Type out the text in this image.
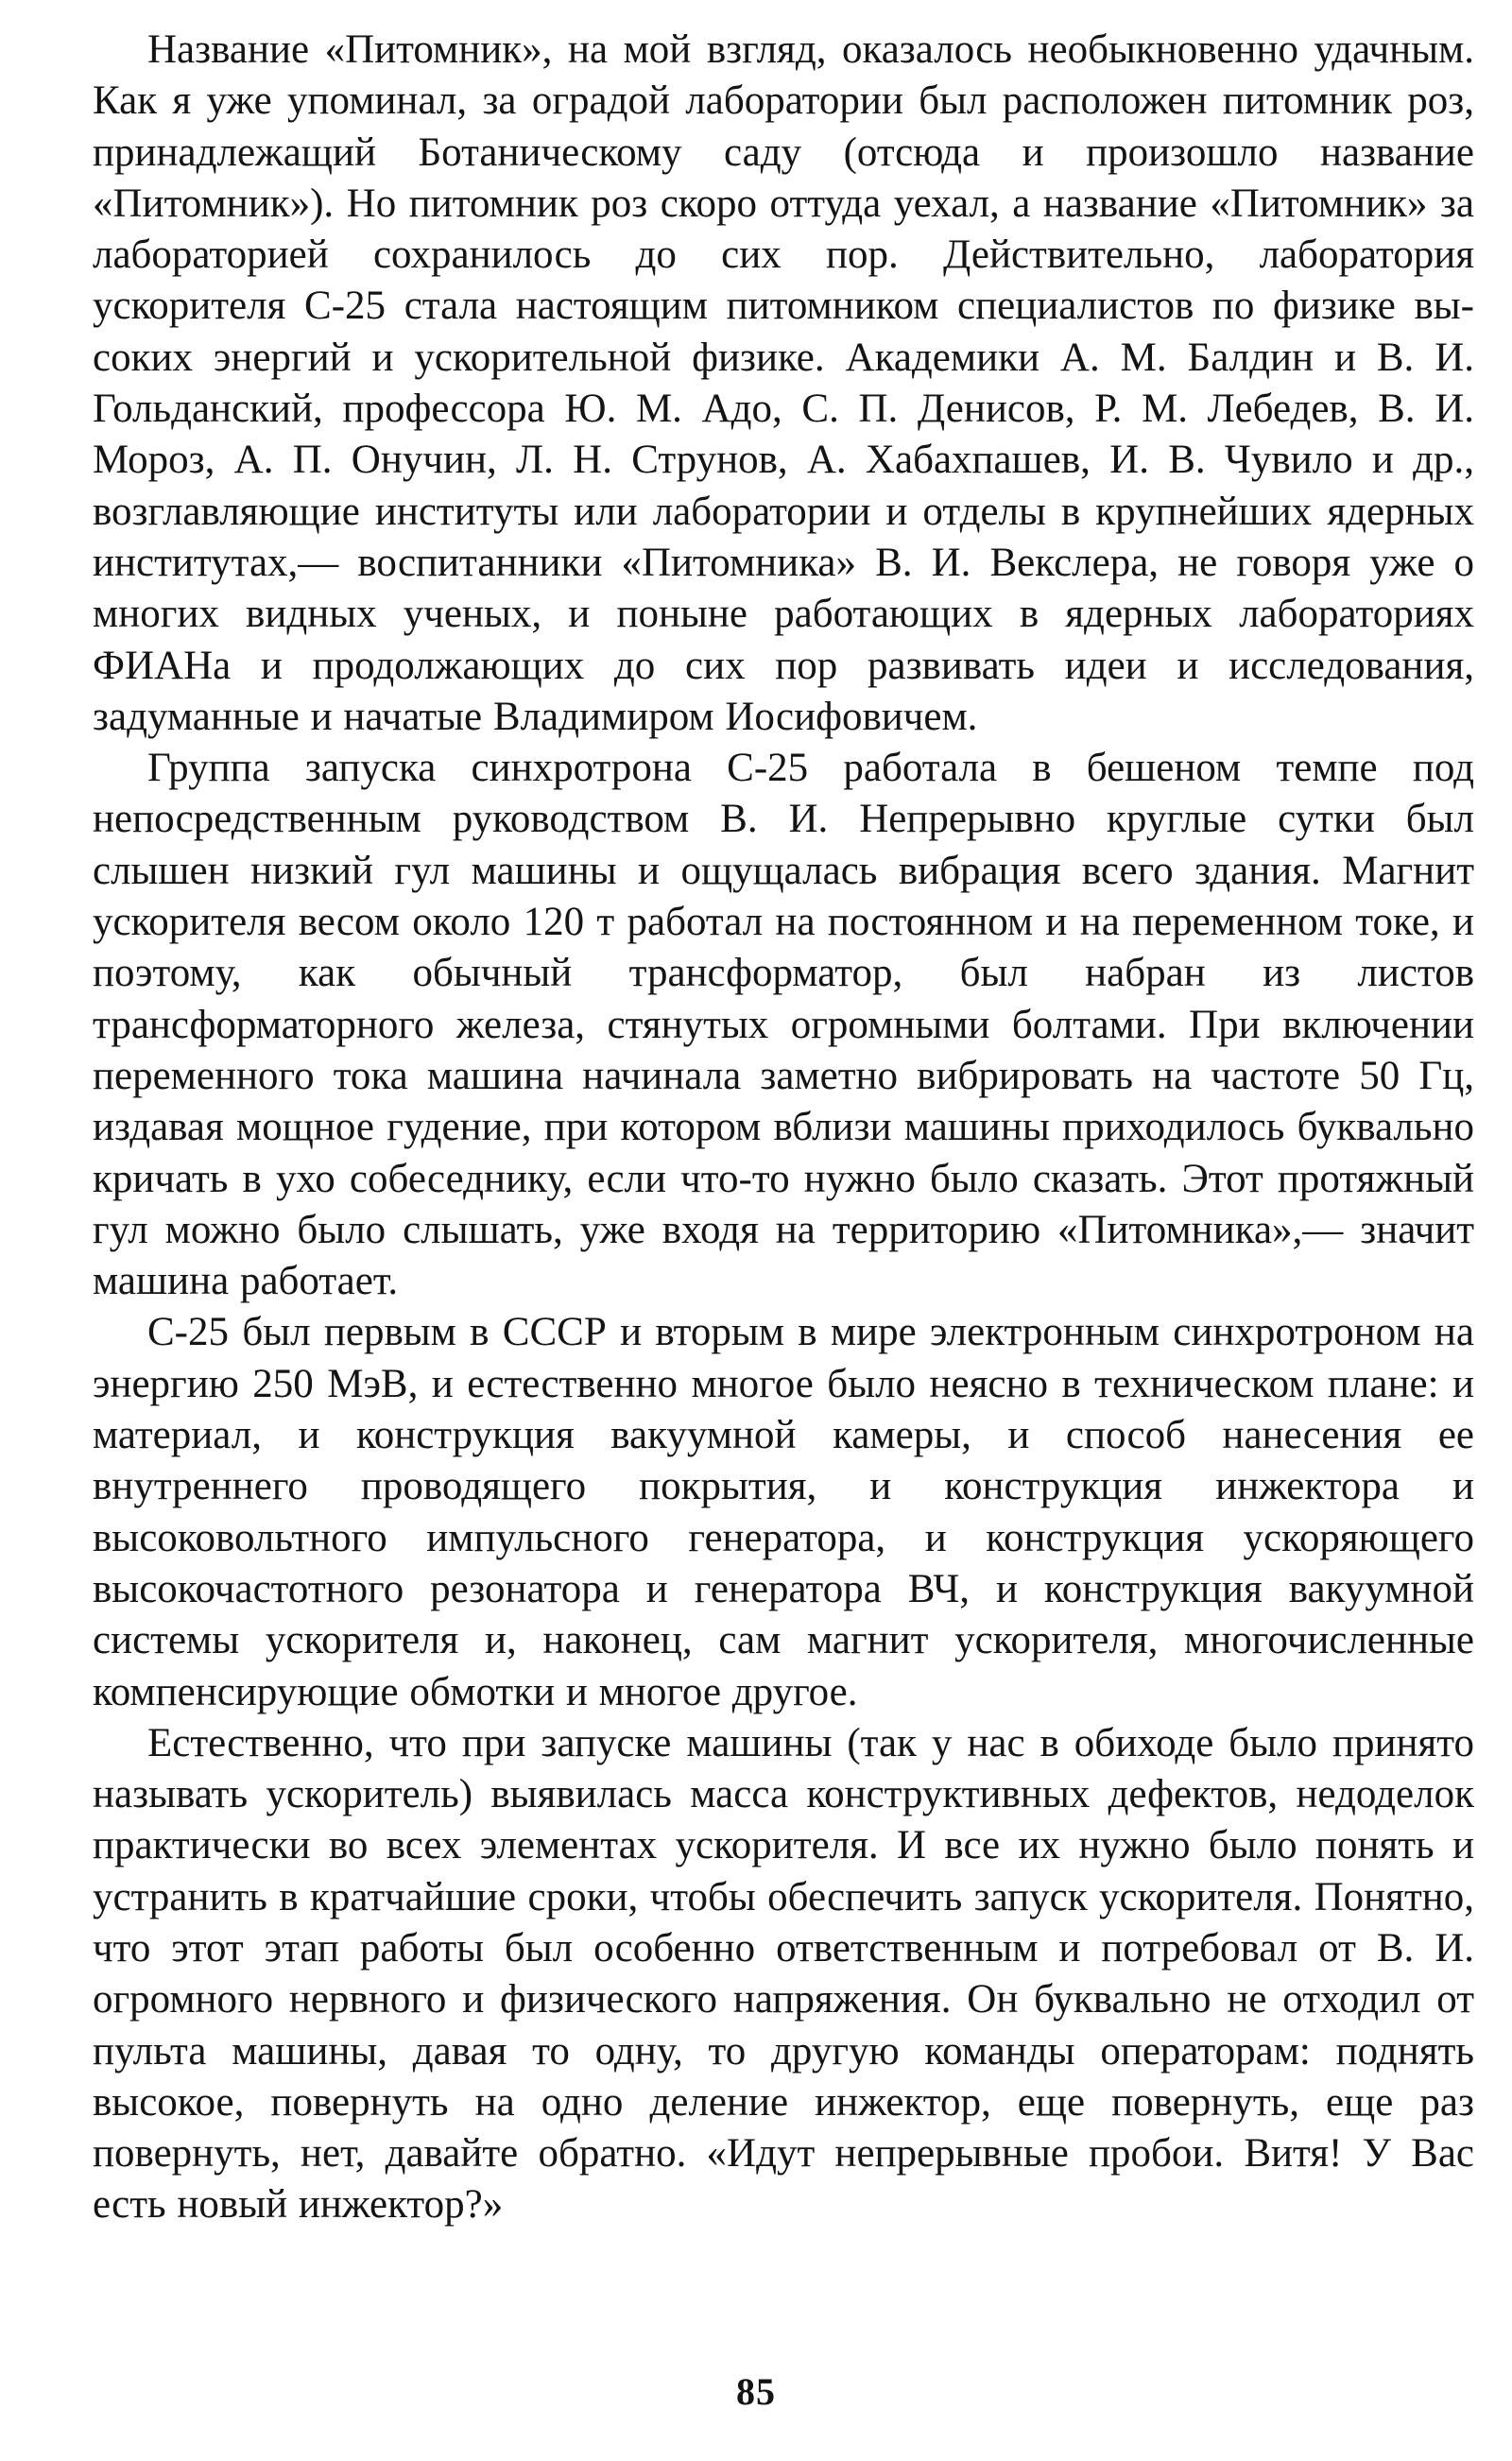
Название «Питомник», на мой взгляд, оказалось необыкновенно удачным. Как я уже упоминал, за оградой лаборатории был расположен питомник роз, принадлежащий Ботаническому саду (отсюда и произошло название «Питомник»). Но питомник роз скоро оттуда уехал, а название «Питомник» за лабораторией сохранилось до сих пор. Действительно, лаборатория ускорителя С-25 стала настоящим питомником специалистов по физике высоких энергий и ускорительной физике. Академики А. М. Балдин и В. И. Гольданский, профессора Ю. М. Адо, С. П. Денисов, Р. М. Лебедев, В. И. Мороз, А. П. Онучин, Л. Н. Струнов, А. Хабахпашев, И. В. Чувило и др., возглавляющие институты или лаборатории и отделы в крупнейших ядерных институтах,— воспитанники «Питомника» В. И. Векслера, не говоря уже о многих видных ученых, и поныне работающих в ядерных лабораториях ФИАНа и продолжающих до сих пор развивать идеи и исследования, задуманные и начатые Владимиром Иосифовичем.

Группа запуска синхротрона С-25 работала в бешеном темпе под непосредственным руководством В. И. Непрерывно круглые сутки был слышен низкий гул машины и ощущалась вибрация всего здания. Магнит ускорителя весом около 120 т работал на постоянном и на переменном токе, и поэтому, как обычный трансформатор, был набран из листов трансформаторного железа, стянутых огромными болтами. При включении переменного тока машина начинала заметно вибрировать на частоте 50 Гц, издавая мощное гудение, при котором вблизи машины приходилось буквально кричать в ухо собеседнику, если что-то нужно было сказать. Этот протяжный гул можно было слышать, уже входя на территорию «Питомника»,— значит машина работает.

С-25 был первым в СССР и вторым в мире электронным синхротроном на энергию 250 МэВ, и естественно многое было неясно в техническом плане: и материал, и конструкция вакуумной камеры, и способ нанесения ее внутреннего проводящего покрытия, и конструкция инжектора и высоковольтного импульсного генератора, и конструкция ускоряющего высокочастотного резонатора и генератора ВЧ, и конструкция вакуумной системы ускорителя и, наконец, сам магнит ускорителя, многочисленные компенсирующие обмотки и многое другое.

Естественно, что при запуске машины (так у нас в обиходе было принято называть ускоритель) выявилась масса конструктивных дефектов, недоделок практически во всех элементах ускорителя. И все их нужно было понять и устранить в кратчайшие сроки, чтобы обеспечить запуск ускорителя. Понятно, что этот этап работы был особенно ответственным и потребовал от В. И. огромного нервного и физического напряжения. Он буквально не отходил от пульта машины, давая то одну, то другую команды операторам: поднять высокое, повернуть на одно деление инжектор, еще повернуть, еще раз повернуть, нет, давайте обратно. «Идут непрерывные пробои. Витя! У Вас есть новый инжектор?»

85
